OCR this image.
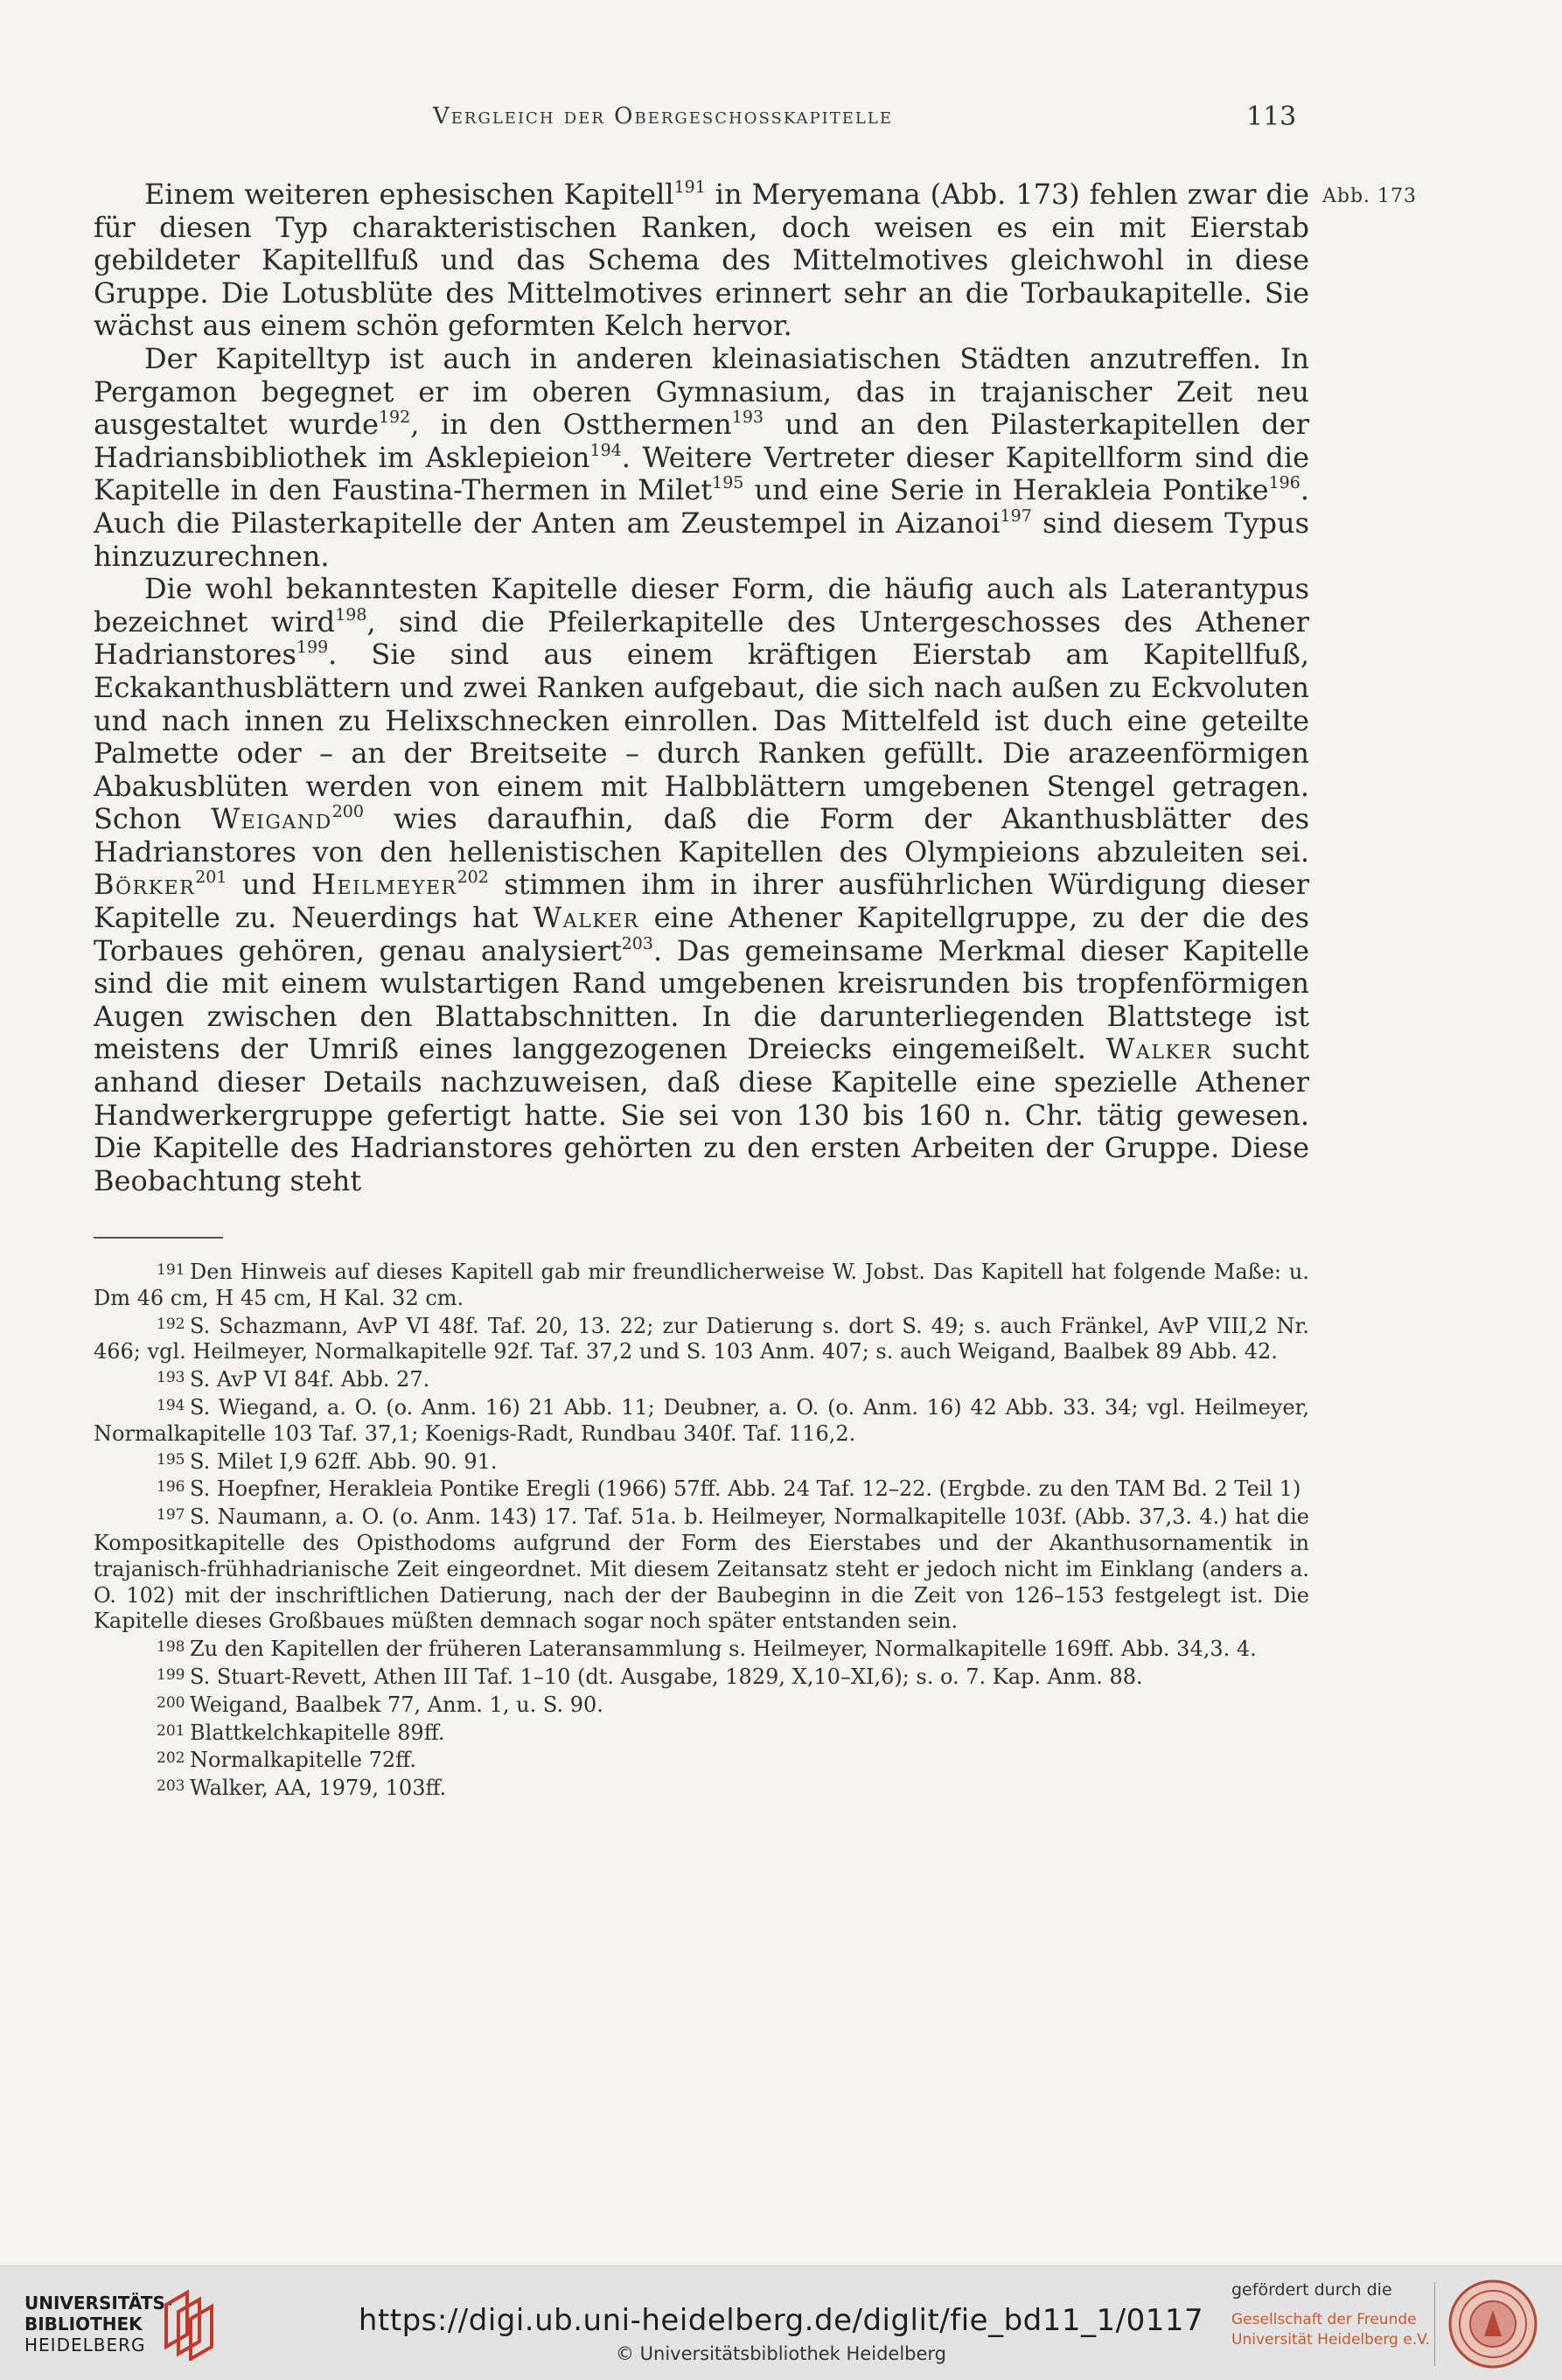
Vergleich der Obergeschosskapitelle	113
Abb. 173

Einem weiteren ephesischen Kapitell$^{191}$ in Meryemana (Abb. 173) fehlen zwar die für diesen Typ charakteristischen Ranken, doch weisen es ein mit Eierstab gebildeter Kapitellfuß und das Schema des Mittelmotives gleichwohl in diese Gruppe. Die Lotusblüte des Mittelmotives erinnert sehr an die Torbaukapitelle. Sie wächst aus einem schön geformten Kelch hervor.

Der Kapitelltyp ist auch in anderen kleinasiatischen Städten anzutreffen. In Pergamon begegnet er im oberen Gymnasium, das in trajanischer Zeit neu ausgestaltet wurde$^{192}$, in den Ostthermen$^{193}$ und an den Pilasterkapitellen der Hadriansbibliothek im Asklepieion$^{194}$. Weitere Vertreter dieser Kapitellform sind die Kapitelle in den Faustina-Thermen in Milet$^{195}$ und eine Serie in Herakleia Pontike$^{196}$. Auch die Pilasterkapitelle der Anten am Zeustempel in Aizanoi$^{197}$ sind diesem Typus hinzuzurechnen.

Die wohl bekanntesten Kapitelle dieser Form, die häufig auch als Laterantypus bezeichnet wird$^{198}$, sind die Pfeilerkapitelle des Untergeschosses des Athener Hadrianstores$^{199}$. Sie sind aus einem kräftigen Eierstab am Kapitellfuß, Eckakanthusblättern und zwei Ranken aufgebaut, die sich nach außen zu Eckvoluten und nach innen zu Helixschnecken einrollen. Das Mittelfeld ist duch eine geteilte Palmette oder – an der Breitseite – durch Ranken gefüllt. Die arazeenförmigen Abakusblüten werden von einem mit Halbblättern umgebenen Stengel getragen. Schon Weigand$^{200}$ wies daraufhin, daß die Form der Akanthusblätter des Hadrianstores von den hellenistischen Kapitellen des Olympieions abzuleiten sei. Börker$^{201}$ und Heilmeyer$^{202}$ stimmen ihm in ihrer ausführlichen Würdigung dieser Kapitelle zu. Neuerdings hat Walker eine Athener Kapitellgruppe, zu der die des Torbaues gehören, genau analysiert$^{203}$. Das gemeinsame Merkmal dieser Kapitelle sind die mit einem wulstartigen Rand umgebenen kreisrunden bis tropfenförmigen Augen zwischen den Blattabschnitten. In die darunterliegenden Blattstege ist meistens der Umriß eines langgezogenen Dreiecks eingemeißelt. Walker sucht anhand dieser Details nachzuweisen, daß diese Kapitelle eine spezielle Athener Handwerkergruppe gefertigt hatte. Sie sei von 130 bis 160 n. Chr. tätig gewesen. Die Kapitelle des Hadrianstores gehörten zu den ersten Arbeiten der Gruppe. Diese Beobachtung steht

191 Den Hinweis auf dieses Kapitell gab mir freundlicherweise W. Jobst. Das Kapitell hat folgende Maße: u. Dm 46 cm, H 45 cm, H Kal. 32 cm.

192 S. Schazmann, AvP VI 48f. Taf. 20, 13. 22; zur Datierung s. dort S. 49; s. auch Fränkel, AvP VIII,2 Nr. 466; vgl. Heilmeyer, Normalkapitelle 92f. Taf. 37,2 und S. 103 Anm. 407; s. auch Weigand, Baalbek 89 Abb. 42.

193 S. AvP VI 84f. Abb. 27.

194 S. Wiegand, a. O. (o. Anm. 16) 21 Abb. 11; Deubner, a. O. (o. Anm. 16) 42 Abb. 33. 34; vgl. Heilmeyer, Normalkapitelle 103 Taf. 37,1; Koenigs-Radt, Rundbau 340f. Taf. 116,2.

195 S. Milet I,9 62ff. Abb. 90. 91.

196 S. Hoepfner, Herakleia Pontike Eregli (1966) 57ff. Abb. 24 Taf. 12–22. (Ergbde. zu den TAM Bd. 2 Teil 1)

197 S. Naumann, a. O. (o. Anm. 143) 17. Taf. 51a. b. Heilmeyer, Normalkapitelle 103f. (Abb. 37,3. 4.) hat die Kompositkapitelle des Opisthodoms aufgrund der Form des Eierstabes und der Akanthusornamentik in trajanisch-frühhadrianische Zeit eingeordnet. Mit diesem Zeitansatz steht er jedoch nicht im Einklang (anders a. O. 102) mit der inschriftlichen Datierung, nach der der Baubeginn in die Zeit von 126–153 festgelegt ist. Die Kapitelle dieses Großbaues müßten demnach sogar noch später entstanden sein.

198 Zu den Kapitellen der früheren Lateransammlung s. Heilmeyer, Normalkapitelle 169ff. Abb. 34,3. 4.

199 S. Stuart-Revett, Athen III Taf. 1–10 (dt. Ausgabe, 1829, X,10–XI,6); s. o. 7. Kap. Anm. 88.

200 Weigand, Baalbek 77, Anm. 1, u. S. 90.

201 Blattkelchkapitelle 89ff.

202 Normalkapitelle 72ff.

203 Walker, AA, 1979, 103ff.

UNIVERSITÄTS-
BIBLIOTHEK
HEIDELBERG
https://digi.ub.uni-heidelberg.de/diglit/fie_bd11_1/0117
© Universitätsbibliothek Heidelberg
gefördert durch die
Gesellschaft der Freunde
Universität Heidelberg e.V.
